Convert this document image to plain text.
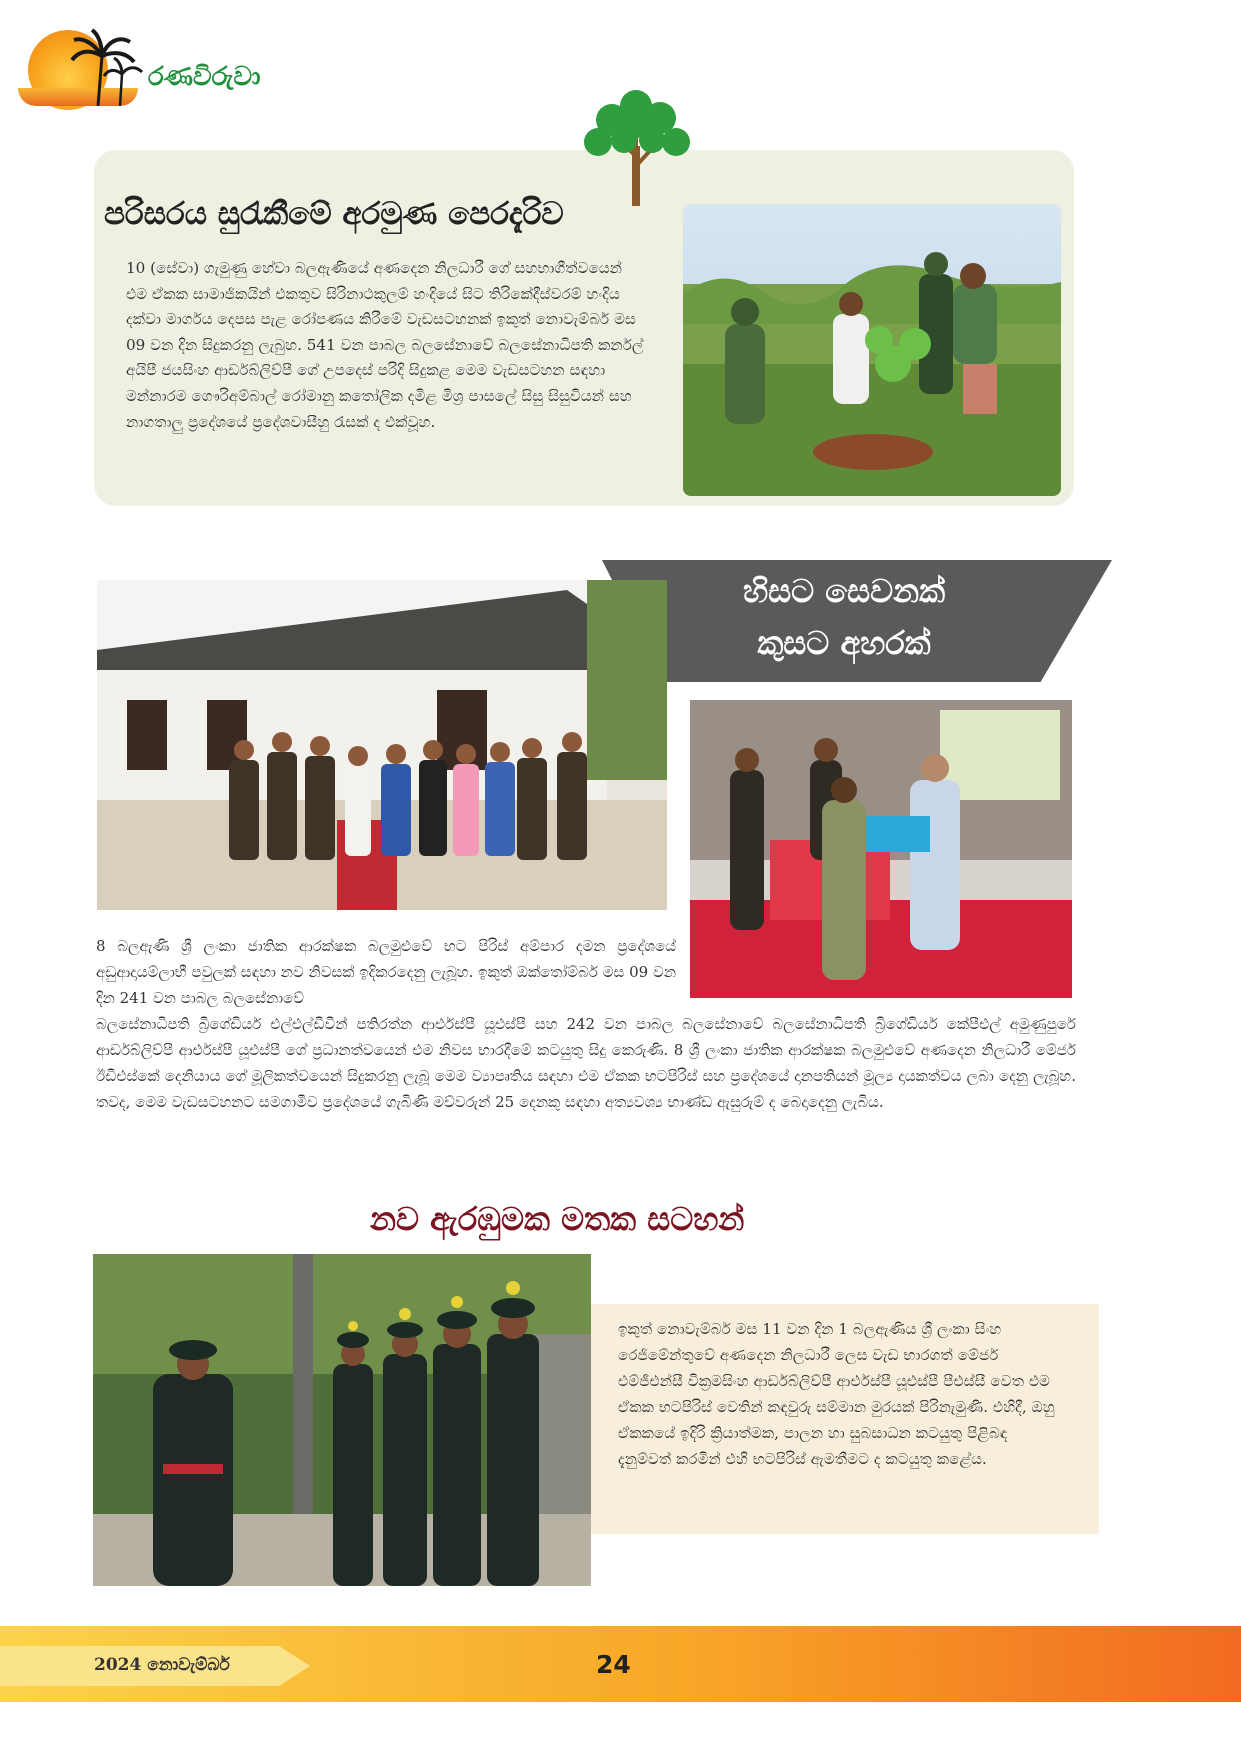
රණවිරුවා
පරිසරය සුරැකීමේ අරමුණ පෙරදැරිව
10 (සේවා) ගැමුණු හේවා බලඇණියේ අණදෙන නිලධාරී ගේ සහභාගීත්වයෙන් එම ඒකක සාමාජිකයින් එකතුව සිරිනාථකුලම් හංදියේ සිට තිරිකේදීස්වරම් හංදිය දක්වා මාර්ගය දෙපස පැළ රෝපණය කිරීමේ වැඩසටහනක් ඉකුත් නොවැම්බර් මස 09 වන දින සිදුකරනු ලැබුහ. 541 වන පාබල බලසේනාවේ බලසේනාධිපති කර්නල් අයිපී ජයසිංහ ආර්ඩබ්ලිව්පී ගේ උපදෙස් පරිදි සිදුකළ මෙම වැඩසටහන සඳහා මන්නාරම ගෞරිඅම්බාල් රෝමානු කතෝලික දමිළ මිශ්‍ර පාසලේ සිසු සිසුවියන් සහ නාගතාලු ප්‍රදේශයේ ප්‍රදේශවාසීහු රැසක් ද එක්වූහ.
හිසට සෙවනක්
කුසට අහරක්
8 බලඇණි ශ්‍රී ලංකා ජාතික ආරක්ෂක බලමුළුවේ භට පිරිස් අම්පාර දමන ප්‍රදේශයේ අඩුආදායම්ලාභී පවුලක් සඳහා නව නිවසක් ඉදිකරදෙනු ලැබූහ. ඉකුත් ඔක්තෝම්බර් මස 09 වන දින 241 වන පාබල බලසේනාවේ
බලසේනාධිපති බ්‍රිගේඩියර් එල්එල්ඩීවීන් පතිරත්න ආර්එස්පී යූඑස්පී සහ 242 වන පාබල බලසේනාවේ බලසේනාධිපති බ්‍රිගේඩියර් කේපීඑල් අමුණුපුරේ ආර්ඩබ්ලිව්පී ආර්එස්පී යූඑස්පී ගේ ප්‍රධානත්වයෙන් එම නිවස භාරදීමේ කටයුතු සිදු කෙරුණි. 8 ශ්‍රී ලංකා ජාතික ආරක්ෂක බලමුළුවේ අණදෙන නිලධාරී මේජර් ඊඩීඑස්කේ දෙනියාය ගේ මූලිකත්වයෙන් සිදුකරනු ලැබූ මෙම ව්‍යාපෘතිය සඳහා එම ඒකක භටපිරිස් සහ ප්‍රදේශයේ දානපතියන් මූල්‍ය දායකත්වය ලබා දෙනු ලැබූහ. තවද, මෙම වැඩසටහනට සමගාමීව ප්‍රදේශයේ ගැබිණි මව්වරුන් 25 දෙනකු සඳහා අත්‍යවශ්‍ය භාණ්ඩ ඇසුරුම් ද බෙදාදෙනු ලැබිය.
නව ඇරඹුමක මතක සටහන්
ඉකුත් නොවැම්බර් මස 11 වන දින 1 බලඇණිය ශ්‍රී ලංකා සිංහ රෙජිමේන්තුවේ අණදෙන නිලධාරී ලෙස වැඩ භාරගත් මේජර් එම්ජීඑන්සී වික්‍රමසිංහ ආර්ඩබ්ලිව්පී ආර්එස්පී යූඑස්පී පීඑස්සී වෙත එම ඒකක භටපිරිස් වෙතින් කඳවුරු සම්මාන මුරයක් පිරිනැමුණි. එහිදී, ඔහු ඒකකයේ ඉදිරි ක්‍රියාත්මක, පාලන හා සුබසාධන කටයුතු පිළිබඳ දැනුම්වත් කරමින් එහි භටපිරිස් ඇමතීමට ද කටයුතු කළේය.
2024 නොවැම්බර්	24
